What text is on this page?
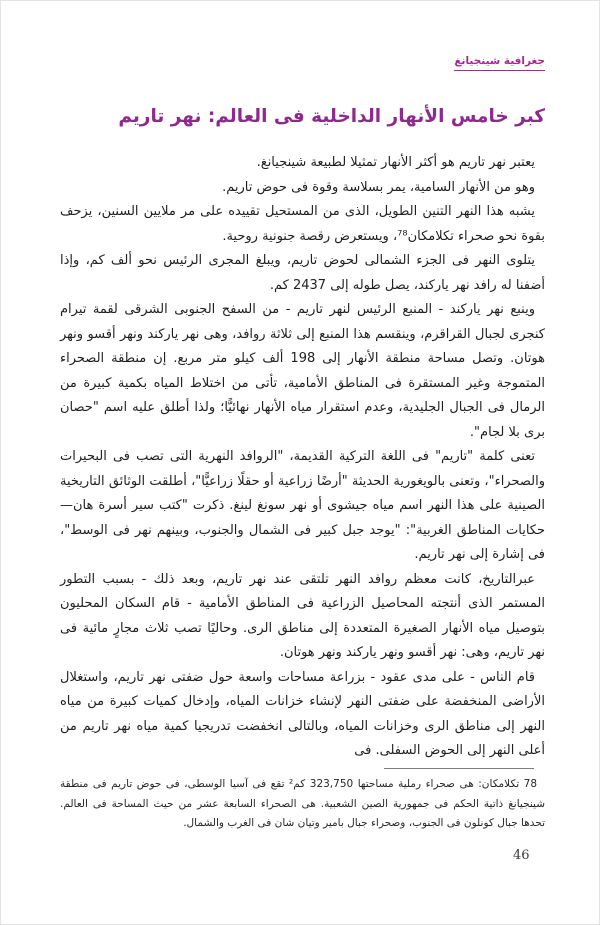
جغرافية شينجيانغ
كبر خامس الأنهار الداخلية فى العالم: نهر تاريم

يعتبر نهر تاريم هو أكثر الأنهار تمثيلا لطبيعة شينجيانغ.

وهو من الأنهار السامية، يمر بسلاسة وقوة فى حوض تاريم.

يشبه هذا النهر التنين الطويل، الذى من المستحيل تقييده على مر ملايين السنين، يزحف بقوة نحو صحراء تكلامكان⁷⁸، ويستعرض رقصة جنونية روحية.

يتلوى النهر فى الجزء الشمالى لحوض تاريم، ويبلغ المجرى الرئيس نحو ألف كم، وإذا أضفنا له رافد نهر ياركند، يصل طوله إلى 2437 كم.

وينبع نهر ياركند - المنبع الرئيس لنهر تاريم - من السفح الجنوبى الشرقى لقمة تيرام كنجرى لجبال القراقرم، وينقسم هذا المنبع إلى ثلاثة روافد، وهى نهر ياركند ونهر أقسو ونهر هوتان. وتصل مساحة منطقة الأنهار إلى 198 ألف كيلو متر مربع. إن منطقة الصحراء المتموجة وغير المستقرة فى المناطق الأمامية، تأتى من اختلاط المياه بكمية كبيرة من الرمال فى الجبال الجليدية، وعدم استقرار مياه الأنهار نهائيًّا؛ ولذا أطلق عليه اسم "حصان برى بلا لجام".

تعنى كلمة "تاريم" فى اللغة التركية القديمة، "الروافد النهرية التى تصب فى البحيرات والصحراء"، وتعنى بالويغورية الحديثة "أرضًا زراعية أو حقلًا زراعيًّا"، أطلقت الوثائق التاريخية الصينية على هذا النهر اسم مياه جيشوى أو نهر سونغ لينغ. ذكرت "كتب سير أسرة هان—حكايات المناطق الغربية": "يوجد جبل كبير فى الشمال والجنوب، وبينهم نهر فى الوسط"، فى إشارة إلى نهر تاريم.

عبرالتاريخ، كانت معظم روافد النهر تلتقى عند نهر تاريم، وبعد ذلك - بسبب التطور المستمر الذى أنتجته المحاصيل الزراعية فى المناطق الأمامية - قام السكان المحليون بتوصيل مياه الأنهار الصغيرة المتعددة إلى مناطق الرى. وحاليًا تصب ثلاث مجارٍ مائية فى نهر تاريم، وهى: نهر أقسو ونهر ياركند ونهر هوتان.

قام الناس - على مدى عقود - بزراعة مساحات واسعة حول ضفتى نهر تاريم، واستغلال الأراضى المنخفضة على ضفتى النهر لإنشاء خزانات المياه، وإدخال كميات كبيرة من مياه النهر إلى مناطق الرى وخزانات المياه، وبالتالى انخفضت تدريجيا كمية مياه نهر تاريم من أعلى النهر إلى الحوض السفلى. فى

78 تكلامكان: هى صحراء رملية مساحتها 323,750 كم² تقع فى آسيا الوسطى، فى حوض تاريم فى منطقة شينجيانغ ذاتية الحكم فى جمهورية الصين الشعبية. هى الصحراء السابعة عشر من حيث المساحة فى العالم. تحدها جبال كونلون فى الجنوب، وصحراء جبال بامير وتيان شان فى الغرب والشمال.
46
